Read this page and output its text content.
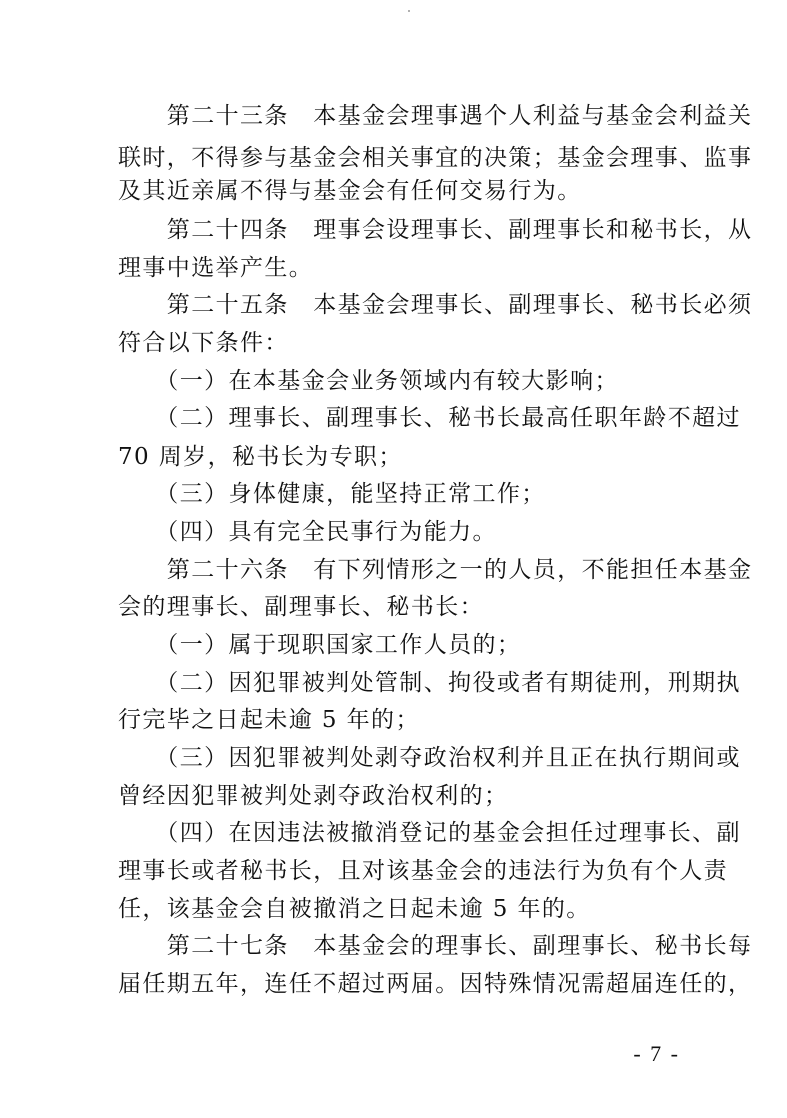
　　第二十三条　本基金会理事遇个人利益与基金会利益关
联时，不得参与基金会相关事宜的决策；基金会理事、监事
及其近亲属不得与基金会有任何交易行为。
　　第二十四条　理事会设理事长、副理事长和秘书长，从
理事中选举产生。
　　第二十五条　本基金会理事长、副理事长、秘书长必须
符合以下条件：
　　（一）在本基金会业务领域内有较大影响；
　　（二）理事长、副理事长、秘书长最高任职年龄不超过
70 周岁，秘书长为专职；
　　（三）身体健康，能坚持正常工作；
　　（四）具有完全民事行为能力。
　　第二十六条　有下列情形之一的人员，不能担任本基金
会的理事长、副理事长、秘书长：
　　（一）属于现职国家工作人员的；
　　（二）因犯罪被判处管制、拘役或者有期徒刑，刑期执
行完毕之日起未逾 5 年的；
　　（三）因犯罪被判处剥夺政治权利并且正在执行期间或
曾经因犯罪被判处剥夺政治权利的；
　　（四）在因违法被撤消登记的基金会担任过理事长、副
理事长或者秘书长，且对该基金会的违法行为负有个人责
任，该基金会自被撤消之日起未逾 5 年的。
　　第二十七条　本基金会的理事长、副理事长、秘书长每
届任期五年，连任不超过两届。因特殊情况需超届连任的，
- 7 -
